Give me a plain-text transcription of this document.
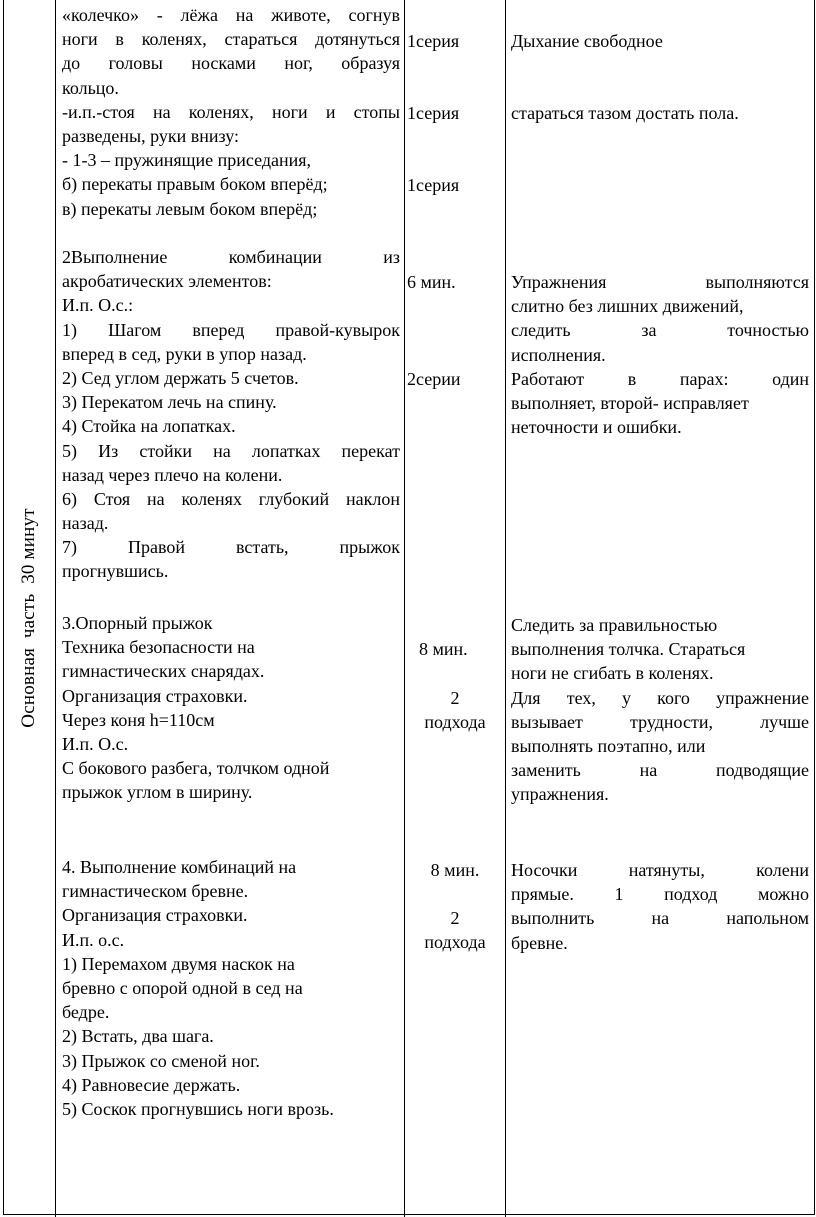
Основная  часть  30 минут
«колечко» - лёжа на животе, согнув
ноги в коленях, стараться дотянуться
до головы носками ног, образуя
кольцо.
-и.п.-стоя на коленях, ноги и стопы
разведены, руки внизу:
- 1-3 – пружинящие приседания,
б) перекаты правым боком вперёд;
в) перекаты левым боком вперёд;
2Выполнение комбинации из
акробатических элементов:
И.п. О.с.:
1) Шагом вперед правой-кувырок
вперед в сед, руки в упор назад.
2) Сед углом держать 5 счетов.
3) Перекатом лечь на спину.
4) Стойка на лопатках.
5) Из стойки на лопатках перекат
назад через плечо на колени.
6) Стоя на коленях глубокий наклон
назад.
7) Правой встать, прыжок
прогнувшись.
3.Опорный прыжок
Техника безопасности на
гимнастических снарядах.
Организация страховки.
Через коня h=110см
И.п. О.с.
С бокового разбега, толчком одной
прыжок углом в ширину.
4. Выполнение комбинаций на
гимнастическом бревне.
Организация страховки.
И.п. о.с.
1) Перемахом двумя наскок на
бревно с опорой одной в сед на
бедре.
2) Встать, два шага.
3) Прыжок со сменой ног.
4) Равновесие держать.
5) Соскок прогнувшись ноги врозь.
1серия
1серия
1серия
6 мин.
2серии
8 мин.
2
подхода
8 мин.
2
подхода
Дыхание свободное
стараться тазом достать пола.
Упражнения выполняются
слитно без лишних движений,
следить за точностью
исполнения.
Работают в парах: один
выполняет, второй- исправляет
неточности и ошибки.
Следить за правильностью
выполнения толчка. Стараться
ноги не сгибать в коленях.
Для тех, у кого упражнение
вызывает трудности, лучше
выполнять поэтапно, или
заменить на подводящие
упражнения.
Носочки натянуты, колени
прямые. 1 подход можно
выполнить на напольном
бревне.
